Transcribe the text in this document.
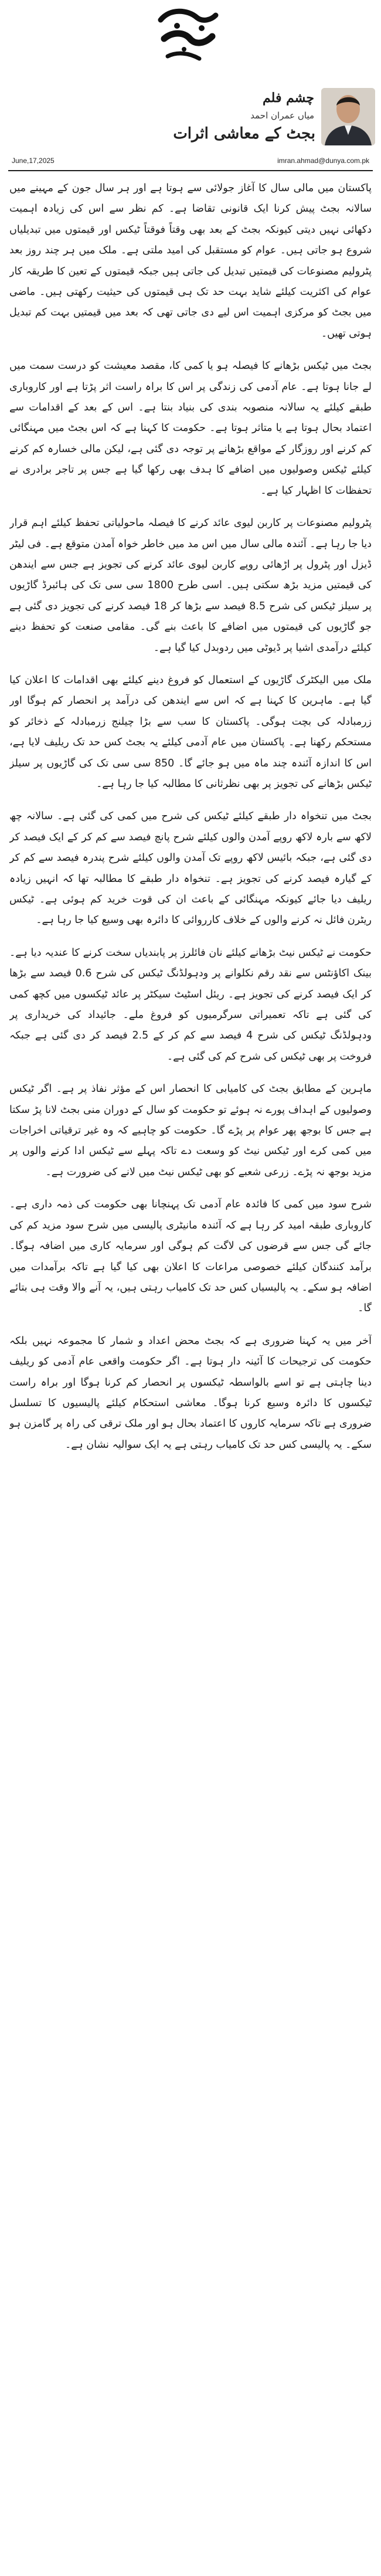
چشم فلم
میاں عمران احمد
بجٹ کے معاشی اثرات
imran.ahmad@dunya.com.pk
June,17,2025

پاکستان میں مالی سال کا آغاز جولائی سے ہوتا ہے اور ہر سال جون کے مہینے میں سالانہ بجٹ پیش کرنا ایک قانونی تقاضا ہے۔ کم نظر سے اس کی زیادہ اہمیت دکھائی نہیں دیتی کیونکہ بجٹ کے بعد بھی وقتاً فوقتاً ٹیکس اور قیمتوں میں تبدیلیاں شروع ہو جاتی ہیں۔ عوام کو مستقبل کی امید ملتی ہے۔ ملک میں ہر چند روز بعد پٹرولیم مصنوعات کی قیمتیں تبدیل کی جاتی ہیں جبکہ قیمتوں کے تعین کا طریقہ کار عوام کی اکثریت کیلئے شاید بہت حد تک ہی قیمتوں کی حیثیت رکھتی ہیں۔ ماضی میں بجٹ کو مرکزی اہمیت اس لیے دی جاتی تھی کہ بعد میں قیمتیں بہت کم تبدیل ہوتی تھیں۔

بجٹ میں ٹیکس بڑھانے کا فیصلہ ہو یا کمی کا، مقصد معیشت کو درست سمت میں لے جانا ہوتا ہے۔ عام آدمی کی زندگی پر اس کا براہ راست اثر پڑتا ہے اور کاروباری طبقے کیلئے یہ سالانہ منصوبہ بندی کی بنیاد بنتا ہے۔ اس کے بعد کے اقدامات سے اعتماد بحال ہوتا ہے یا متاثر ہوتا ہے۔ حکومت کا کہنا ہے کہ اس بجٹ میں مہنگائی کم کرنے اور روزگار کے مواقع بڑھانے پر توجہ دی گئی ہے، لیکن مالی خسارہ کم کرنے کیلئے ٹیکس وصولیوں میں اضافے کا ہدف بھی رکھا گیا ہے جس پر تاجر برادری نے تحفظات کا اظہار کیا ہے۔

پٹرولیم مصنوعات پر کاربن لیوی عائد کرنے کا فیصلہ ماحولیاتی تحفظ کیلئے اہم قرار دیا جا رہا ہے۔ آئندہ مالی سال میں اس مد میں خاطر خواہ آمدن متوقع ہے۔ فی لیٹر ڈیزل اور پٹرول پر اڑھائی روپے کاربن لیوی عائد کرنے کی تجویز ہے جس سے ایندھن کی قیمتیں مزید بڑھ سکتی ہیں۔ اسی طرح 1800 سی سی تک کی ہائبرڈ گاڑیوں پر سیلز ٹیکس کی شرح 8.5 فیصد سے بڑھا کر 18 فیصد کرنے کی تجویز دی گئی ہے جو گاڑیوں کی قیمتوں میں اضافے کا باعث بنے گی۔ مقامی صنعت کو تحفظ دینے کیلئے درآمدی اشیا پر ڈیوٹی میں ردوبدل کیا گیا ہے۔

ملک میں الیکٹرک گاڑیوں کے استعمال کو فروغ دینے کیلئے بھی اقدامات کا اعلان کیا گیا ہے۔ ماہرین کا کہنا ہے کہ اس سے ایندھن کی درآمد پر انحصار کم ہوگا اور زرمبادلہ کی بچت ہوگی۔ پاکستان کا سب سے بڑا چیلنج زرمبادلہ کے ذخائر کو مستحکم رکھنا ہے۔ پاکستان میں عام آدمی کیلئے یہ بجٹ کس حد تک ریلیف لایا ہے، اس کا اندازہ آئندہ چند ماہ میں ہو جائے گا۔ 850 سی سی تک کی گاڑیوں پر سیلز ٹیکس بڑھانے کی تجویز پر بھی نظرثانی کا مطالبہ کیا جا رہا ہے۔

بجٹ میں تنخواہ دار طبقے کیلئے ٹیکس کی شرح میں کمی کی گئی ہے۔ سالانہ چھ لاکھ سے بارہ لاکھ روپے آمدن والوں کیلئے شرح پانچ فیصد سے کم کر کے ایک فیصد کر دی گئی ہے، جبکہ بائیس لاکھ روپے تک آمدن والوں کیلئے شرح پندرہ فیصد سے کم کر کے گیارہ فیصد کرنے کی تجویز ہے۔ تنخواہ دار طبقے کا مطالبہ تھا کہ انہیں زیادہ ریلیف دیا جائے کیونکہ مہنگائی کے باعث ان کی قوت خرید کم ہوئی ہے۔ ٹیکس ریٹرن فائل نہ کرنے والوں کے خلاف کارروائی کا دائرہ بھی وسیع کیا جا رہا ہے۔

حکومت نے ٹیکس نیٹ بڑھانے کیلئے نان فائلرز پر پابندیاں سخت کرنے کا عندیہ دیا ہے۔ بینک اکاؤنٹس سے نقد رقم نکلوانے پر ودہولڈنگ ٹیکس کی شرح 0.6 فیصد سے بڑھا کر ایک فیصد کرنے کی تجویز ہے۔ ریئل اسٹیٹ سیکٹر پر عائد ٹیکسوں میں کچھ کمی کی گئی ہے تاکہ تعمیراتی سرگرمیوں کو فروغ ملے۔ جائیداد کی خریداری پر ودہولڈنگ ٹیکس کی شرح 4 فیصد سے کم کر کے 2.5 فیصد کر دی گئی ہے جبکہ فروخت پر بھی ٹیکس کی شرح کم کی گئی ہے۔

ماہرین کے مطابق بجٹ کی کامیابی کا انحصار اس کے مؤثر نفاذ پر ہے۔ اگر ٹیکس وصولیوں کے اہداف پورے نہ ہوئے تو حکومت کو سال کے دوران منی بجٹ لانا پڑ سکتا ہے جس کا بوجھ پھر عوام پر پڑے گا۔ حکومت کو چاہیے کہ وہ غیر ترقیاتی اخراجات میں کمی کرے اور ٹیکس نیٹ کو وسعت دے تاکہ پہلے سے ٹیکس ادا کرنے والوں پر مزید بوجھ نہ پڑے۔ زرعی شعبے کو بھی ٹیکس نیٹ میں لانے کی ضرورت ہے۔

شرح سود میں کمی کا فائدہ عام آدمی تک پہنچانا بھی حکومت کی ذمہ داری ہے۔ کاروباری طبقہ امید کر رہا ہے کہ آئندہ مانیٹری پالیسی میں شرح سود مزید کم کی جائے گی جس سے قرضوں کی لاگت کم ہوگی اور سرمایہ کاری میں اضافہ ہوگا۔ برآمد کنندگان کیلئے خصوصی مراعات کا اعلان بھی کیا گیا ہے تاکہ برآمدات میں اضافہ ہو سکے۔ یہ پالیسیاں کس حد تک کامیاب رہتی ہیں، یہ آنے والا وقت ہی بتائے گا۔

آخر میں یہ کہنا ضروری ہے کہ بجٹ محض اعداد و شمار کا مجموعہ نہیں بلکہ حکومت کی ترجیحات کا آئینہ دار ہوتا ہے۔ اگر حکومت واقعی عام آدمی کو ریلیف دینا چاہتی ہے تو اسے بالواسطہ ٹیکسوں پر انحصار کم کرنا ہوگا اور براہ راست ٹیکسوں کا دائرہ وسیع کرنا ہوگا۔ معاشی استحکام کیلئے پالیسیوں کا تسلسل ضروری ہے تاکہ سرمایہ کاروں کا اعتماد بحال ہو اور ملک ترقی کی راہ پر گامزن ہو سکے۔ یہ پالیسی کس حد تک کامیاب رہتی ہے یہ ایک سوالیہ نشان ہے۔
